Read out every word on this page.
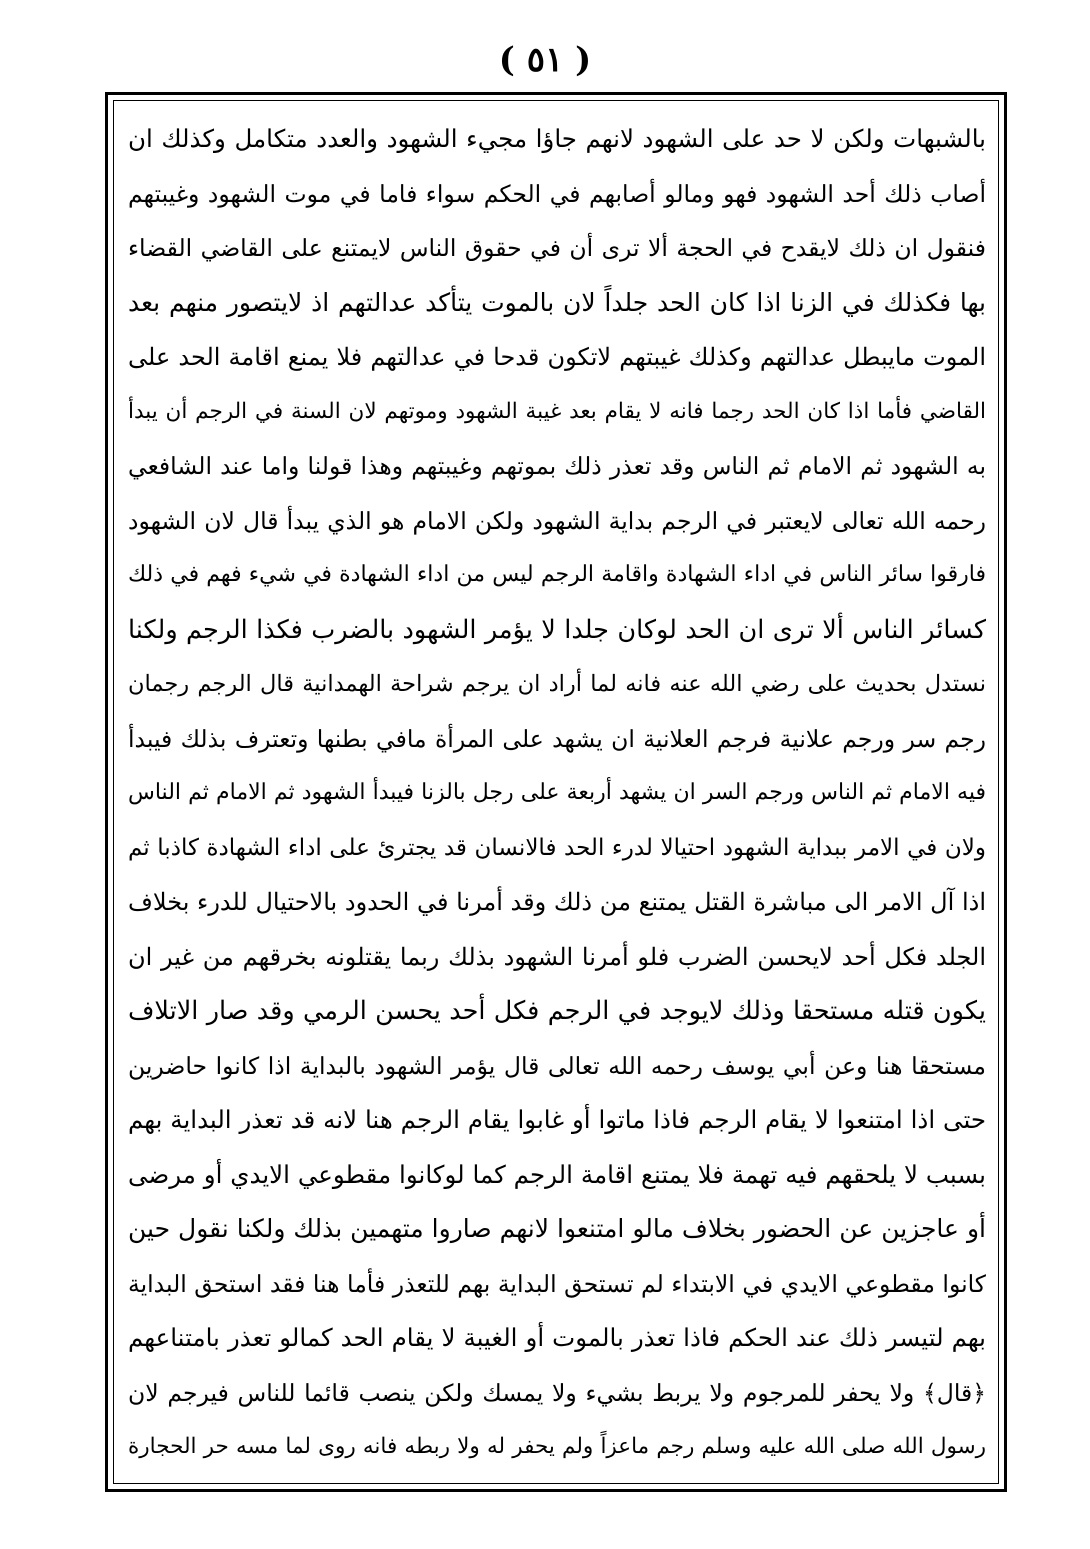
( ٥١ )
بالشبهات ولكن لا حد على الشهود لانهم جاؤا مجيء الشهود والعدد متكامل وكذلك ان
أصاب ذلك أحد الشهود فهو ومالو أصابهم في الحكم سواء فاما في موت الشهود وغيبتهم
فنقول ان ذلك لايقدح في الحجة ألا ترى أن في حقوق الناس لايمتنع على القاضي القضاء
بها فكذلك في الزنا اذا كان الحد جلداً لان بالموت يتأكد عدالتهم اذ لايتصور منهم بعد
الموت مايبطل عدالتهم وكذلك غيبتهم لاتكون قدحا في عدالتهم فلا يمنع اقامة الحد على
القاضي فأما اذا كان الحد رجما فانه لا يقام بعد غيبة الشهود وموتهم لان السنة في الرجم أن يبدأ
به الشهود ثم الامام ثم الناس وقد تعذر ذلك بموتهم وغيبتهم وهذا قولنا واما عند الشافعي
رحمه الله تعالى لايعتبر في الرجم بداية الشهود ولكن الامام هو الذي يبدأ قال لان الشهود
فارقوا سائر الناس في اداء الشهادة واقامة الرجم ليس من اداء الشهادة في شيء فهم في ذلك
كسائر الناس ألا ترى ان الحد لوكان جلدا لا يؤمر الشهود بالضرب فكذا الرجم ولكنا
نستدل بحديث على رضي الله عنه فانه لما أراد ان يرجم شراحة الهمدانية قال الرجم رجمان
رجم سر ورجم علانية فرجم العلانية ان يشهد على المرأة مافي بطنها وتعترف بذلك فيبدأ
فيه الامام ثم الناس ورجم السر ان يشهد أربعة على رجل بالزنا فيبدأ الشهود ثم الامام ثم الناس
ولان في الامر ببداية الشهود احتيالا لدرء الحد فالانسان قد يجترئ على اداء الشهادة كاذبا ثم
اذا آل الامر الى مباشرة القتل يمتنع من ذلك وقد أمرنا في الحدود بالاحتيال للدرء بخلاف
الجلد فكل أحد لايحسن الضرب فلو أمرنا الشهود بذلك ربما يقتلونه بخرقهم من غير ان
يكون قتله مستحقا وذلك لايوجد في الرجم فكل أحد يحسن الرمي وقد صار الاتلاف
مستحقا هنا وعن أبي يوسف رحمه الله تعالى قال يؤمر الشهود بالبداية اذا كانوا حاضرين
حتى اذا امتنعوا لا يقام الرجم فاذا ماتوا أو غابوا يقام الرجم هنا لانه قد تعذر البداية بهم
بسبب لا يلحقهم فيه تهمة فلا يمتنع اقامة الرجم كما لوكانوا مقطوعي الايدي أو مرضى
أو عاجزين عن الحضور بخلاف مالو امتنعوا لانهم صاروا متهمين بذلك ولكنا نقول حين
كانوا مقطوعي الايدي في الابتداء لم تستحق البداية بهم للتعذر فأما هنا فقد استحق البداية
بهم لتيسر ذلك عند الحكم فاذا تعذر بالموت أو الغيبة لا يقام الحد كمالو تعذر بامتناعهم
﴿قال﴾ ولا يحفر للمرجوم ولا يربط بشيء ولا يمسك ولكن ينصب قائما للناس فيرجم لان
رسول الله صلى الله عليه وسلم رجم ماعزاً ولم يحفر له ولا ربطه فانه روى لما مسه حر الحجارة
